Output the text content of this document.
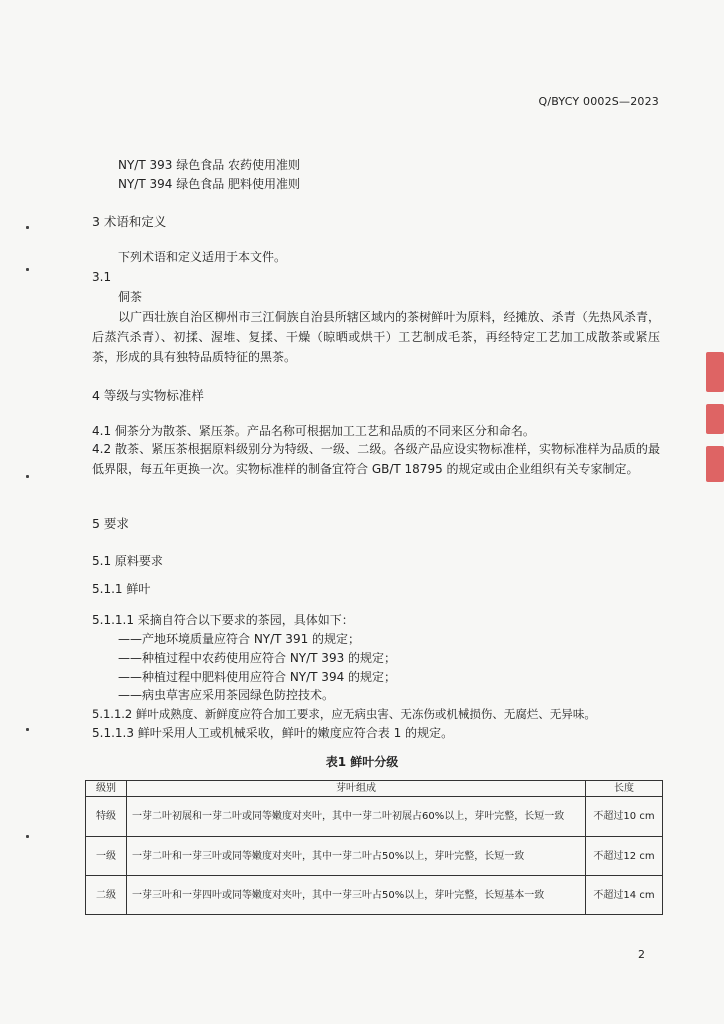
Q/BYCY 0002S—2023
NY/T 393 绿色食品 农药使用准则
NY/T 394 绿色食品 肥料使用准则
3 术语和定义
下列术语和定义适用于本文件。
3.1
侗茶
以广西壮族自治区柳州市三江侗族自治县所辖区域内的茶树鲜叶为原料，经摊放、杀青（先热风杀青，后蒸汽杀青）、初揉、渥堆、复揉、干燥（晾晒或烘干）工艺制成毛茶，再经特定工艺加工成散茶或紧压茶，形成的具有独特品质特征的黑茶。
4 等级与实物标准样
4.1 侗茶分为散茶、紧压茶。产品名称可根据加工工艺和品质的不同来区分和命名。
4.2 散茶、紧压茶根据原料级别分为特级、一级、二级。各级产品应设实物标准样，实物标准样为品质的最低界限，每五年更换一次。实物标准样的制备宜符合 GB/T 18795 的规定或由企业组织有关专家制定。
5 要求
5.1 原料要求
5.1.1 鲜叶
5.1.1.1 采摘自符合以下要求的茶园，具体如下：
——产地环境质量应符合 NY/T 391 的规定；
——种植过程中农药使用应符合 NY/T 393 的规定；
——种植过程中肥料使用应符合 NY/T 394 的规定；
——病虫草害应采用茶园绿色防控技术。
5.1.1.2 鲜叶成熟度、新鲜度应符合加工要求，应无病虫害、无冻伤或机械损伤、无腐烂、无异味。
5.1.1.3 鲜叶采用人工或机械采收，鲜叶的嫩度应符合表 1 的规定。
表1 鲜叶分级
级别	芽叶组成	长度
特级	一芽二叶初展和一芽二叶或同等嫩度对夹叶，其中一芽二叶初展占60%以上，芽叶完整，长短一致	不超过10 cm
一级	一芽二叶和一芽三叶或同等嫩度对夹叶，其中一芽二叶占50%以上，芽叶完整，长短一致	不超过12 cm
二级	一芽三叶和一芽四叶或同等嫩度对夹叶，其中一芽三叶占50%以上，芽叶完整，长短基本一致	不超过14 cm
2
